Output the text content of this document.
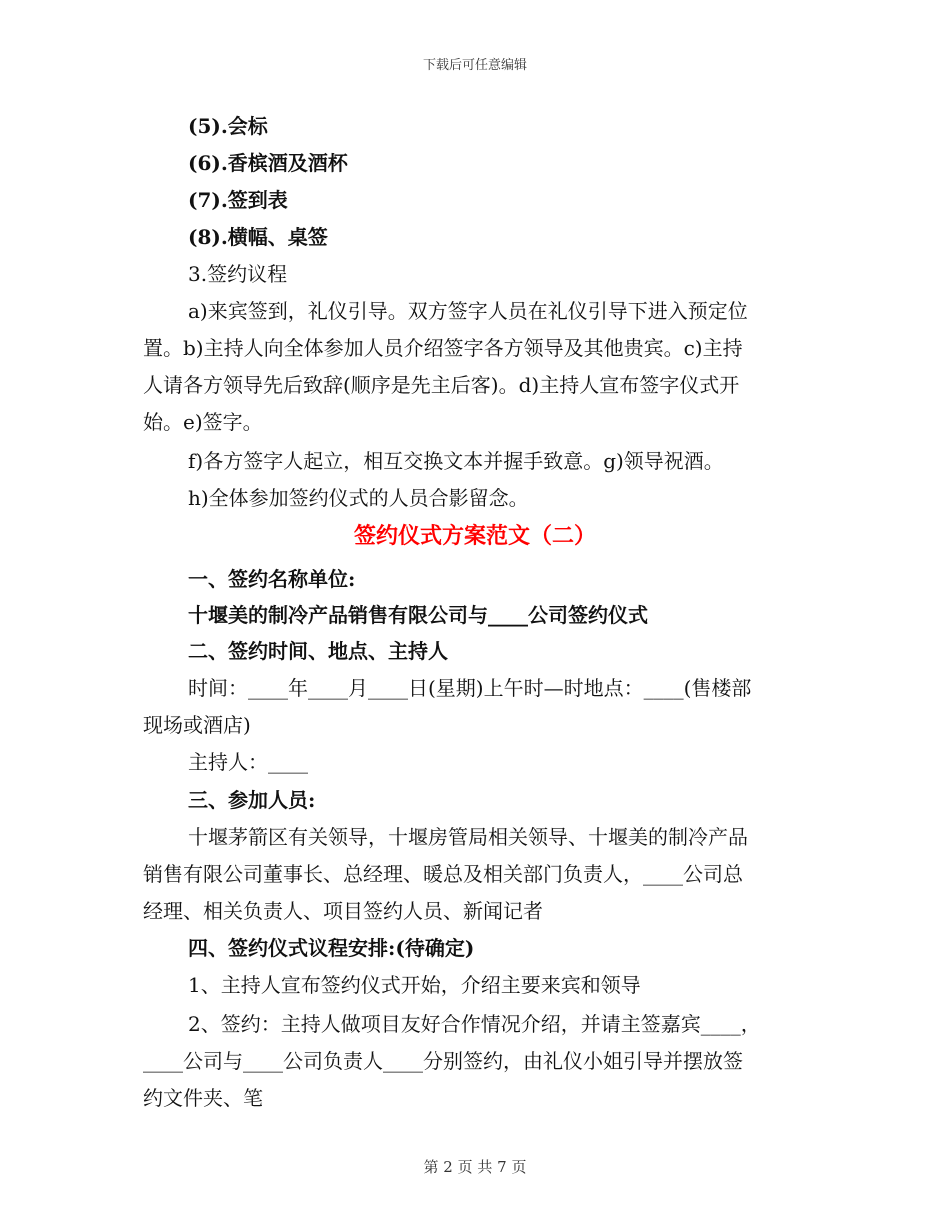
下载后可任意编辑
(5).会标
(6).香槟酒及酒杯
(7).签到表
(8).横幅、桌签
3.签约议程
a)来宾签到，礼仪引导。双方签字人员在礼仪引导下进入预定位
置。b)主持人向全体参加人员介绍签字各方领导及其他贵宾。c)主持
人请各方领导先后致辞(顺序是先主后客)。d)主持人宣布签字仪式开
始。e)签字。
f)各方签字人起立，相互交换文本并握手致意。g)领导祝酒。
h)全体参加签约仪式的人员合影留念。
签约仪式方案范文（二）
一、签约名称单位:
十堰美的制冷产品销售有限公司与____公司签约仪式
二、签约时间、地点、主持人
时间：____年____月____日(星期)上午时—时地点：____(售楼部
现场或酒店)
主持人：____
三、参加人员:
十堰茅箭区有关领导，十堰房管局相关领导、十堰美的制冷产品
销售有限公司董事长、总经理、暖总及相关部门负责人，____公司总
经理、相关负责人、项目签约人员、新闻记者
四、签约仪式议程安排:(待确定)
1、主持人宣布签约仪式开始，介绍主要来宾和领导
2、签约：主持人做项目友好合作情况介绍，并请主签嘉宾____，
____公司与____公司负责人____分别签约，由礼仪小姐引导并摆放签
约文件夹、笔
第 2 页 共 7 页
